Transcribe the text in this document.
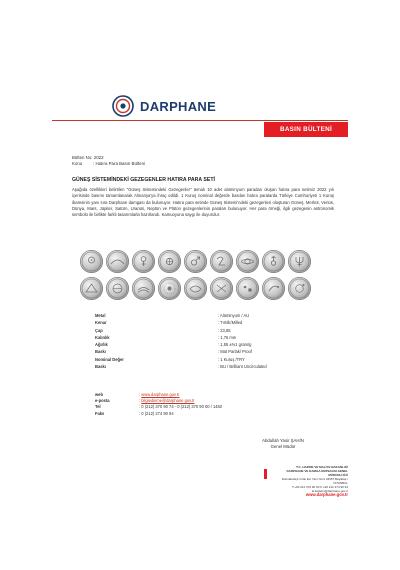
DARPHANE
BASIN BÜLTENİ
Bülten No: 2022
Konu : Hatıra Para Basın Bülteni
GÜNEŞ SİSTEMİNDEKİ GEZEGENLER HATIRA PARA SETİ
Aşağıda özellikleri belirtilen "Güneş Sistemindeki Gezegenler" temalı 10 adet alüminyum paradan oluşan hatıra para setimiz 2022 yılı içerisinde basımı tamamlanarak Almanya'ya ihraç edildi. 1 Kuruş nominal değerde basılan hatıra paralarda Türkiye Cumhuriyeti 1 Kuruş ibaresinin yanı sıra Darphane damgası da bulunuyor. Hatıra para setinde Güneş Sistemi'ndeki gezegenleri oluşturan Güneş, Merkür, Venüs, Dünya, Mars, Jüpiter, Satürn, Uranüs, Neptün ve Plüton gezegenlerinin paraları bulunuyor. Her para örneği, ilgili gezegenin astronomik sembolü ile birlikte farklı tasarımlarla hazırlandı. Kamuoyuna saygı ile duyurulur.
Metal	: Alüminyum / AU
Kenar	: Tırtıllı/Milled
Çap	: 23,85
Kalınlık	: 1,76 mm
Ağırlık	: 1,55 ±%1 gram/g
Baskı	: Mat Parlak/ Proof
Nominal Değer	: 1 Kuruş /TRY
Baskı	: BU / Brilliant Uncirculated
web	: www.darphane.gov.tr
e-posta	: bilgiedinme@darphane.gov.tr
Tel	: 0 (212) 370 90 74 - 0 (212) 370 90 00 / 1482
Faks	: 0 (212) 274 90 94
Abdullah Yasir ŞAHİN
Genel Müdür
T.C. HAZİNE VE MALİYE BAKANLIĞI
DARPHANE VE DAMGA MATBAASI GENEL MÜDÜRLÜĞÜ
Dolmabahçe Ordu Evi Yanı No:9 34357 Beşiktaş / İSTANBUL
T:+90 212 370 90 00 F:+90 212 274 90 94
E:iletisim@darphane.gov.tr
www.darphane.gov.tr
